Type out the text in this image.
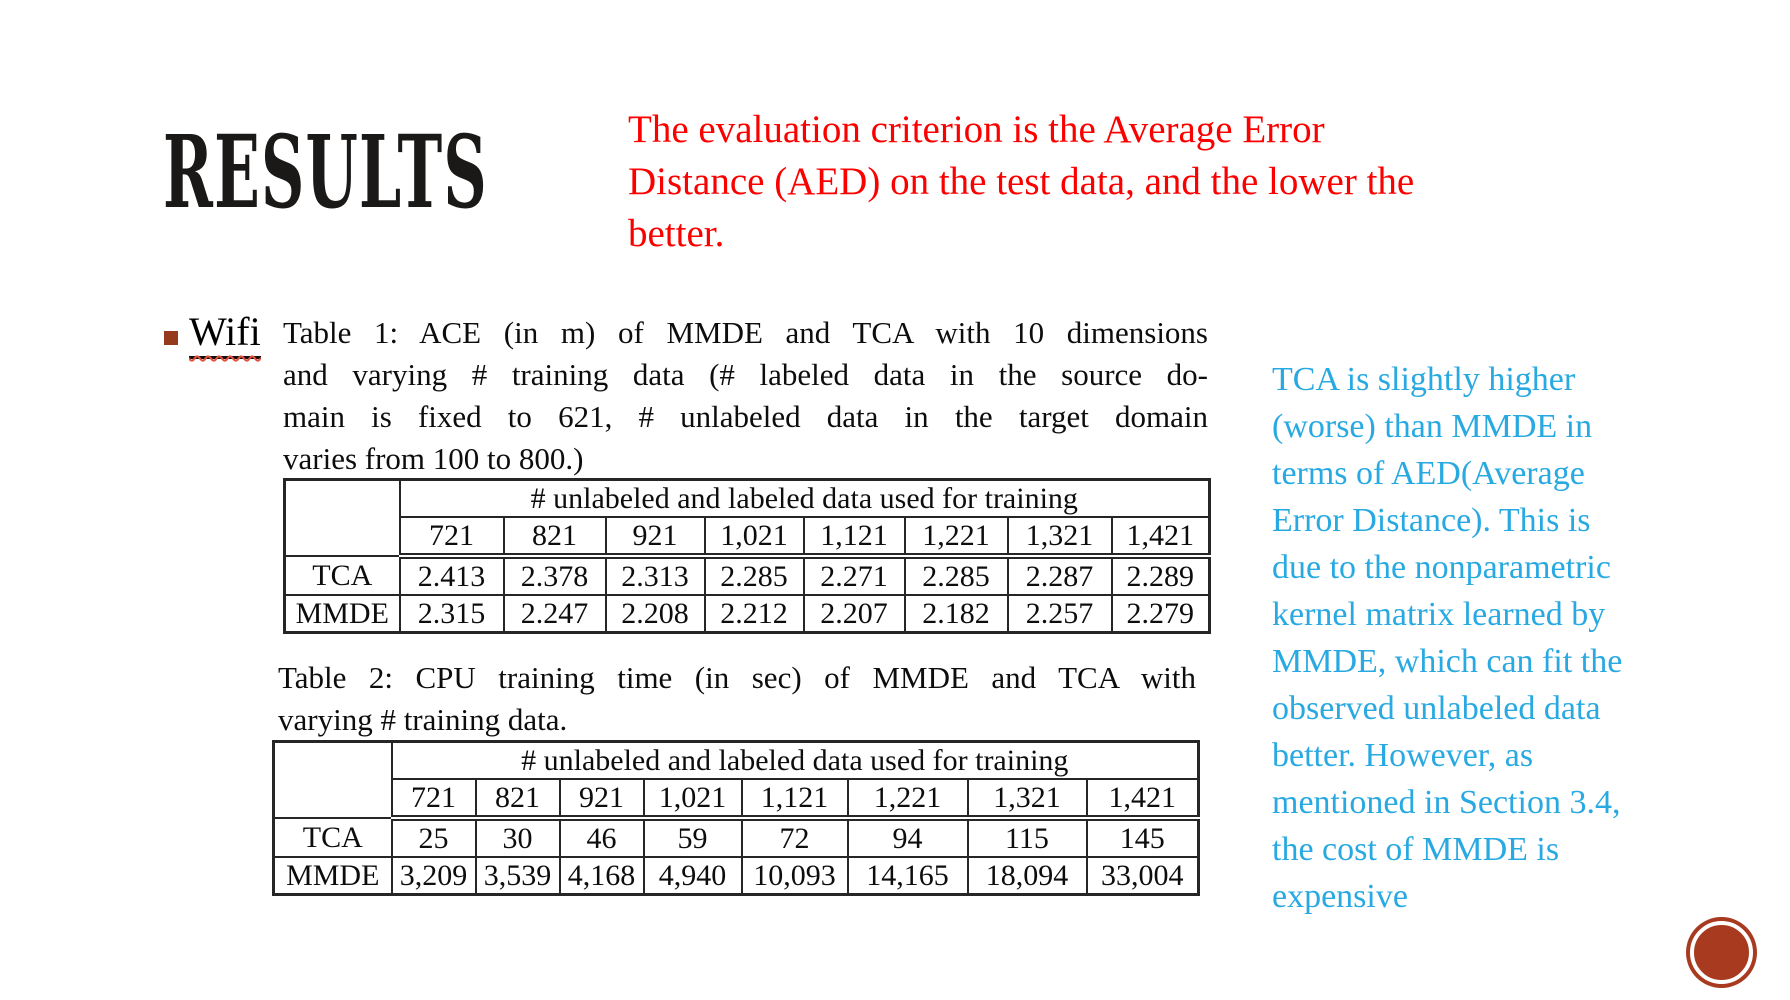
RESULTS	The evaluation criterion is the Average Error
Distance (AED) on the test data, and the lower the
better.
Wifi Table 1: ACE (in m) of MMDE and TCA with 10 dimensions
and varying # training data (# labeled data in the source do-
main is fixed to 621, # unlabeled data in the target domain
varies from 100 to 800.)
	# unlabeled and labeled data used for training							
	721	821	921	1,021	1,121	1,221	1,321	1,421
TCA	2.413	2.378	2.313	2.285	2.271	2.285	2.287	2.289
MMDE	2.315	2.247	2.208	2.212	2.207	2.182	2.257	2.279
Table 2: CPU training time (in sec) of MMDE and TCA with
varying # training data.
	# unlabeled and labeled data used for training							
	721	821	921	1,021	1,121	1,221	1,321	1,421
TCA	25	30	46	59	72	94	115	145
MMDE	3,209	3,539	4,168	4,940	10,093	14,165	18,094	33,004
TCA is slightly higher
(worse) than MMDE in
terms of AED(Average
Error Distance). This is
due to the nonparametric
kernel matrix learned by
MMDE, which can fit the
observed unlabeled data
better. However, as
mentioned in Section 3.4,
the cost of MMDE is
expensive
